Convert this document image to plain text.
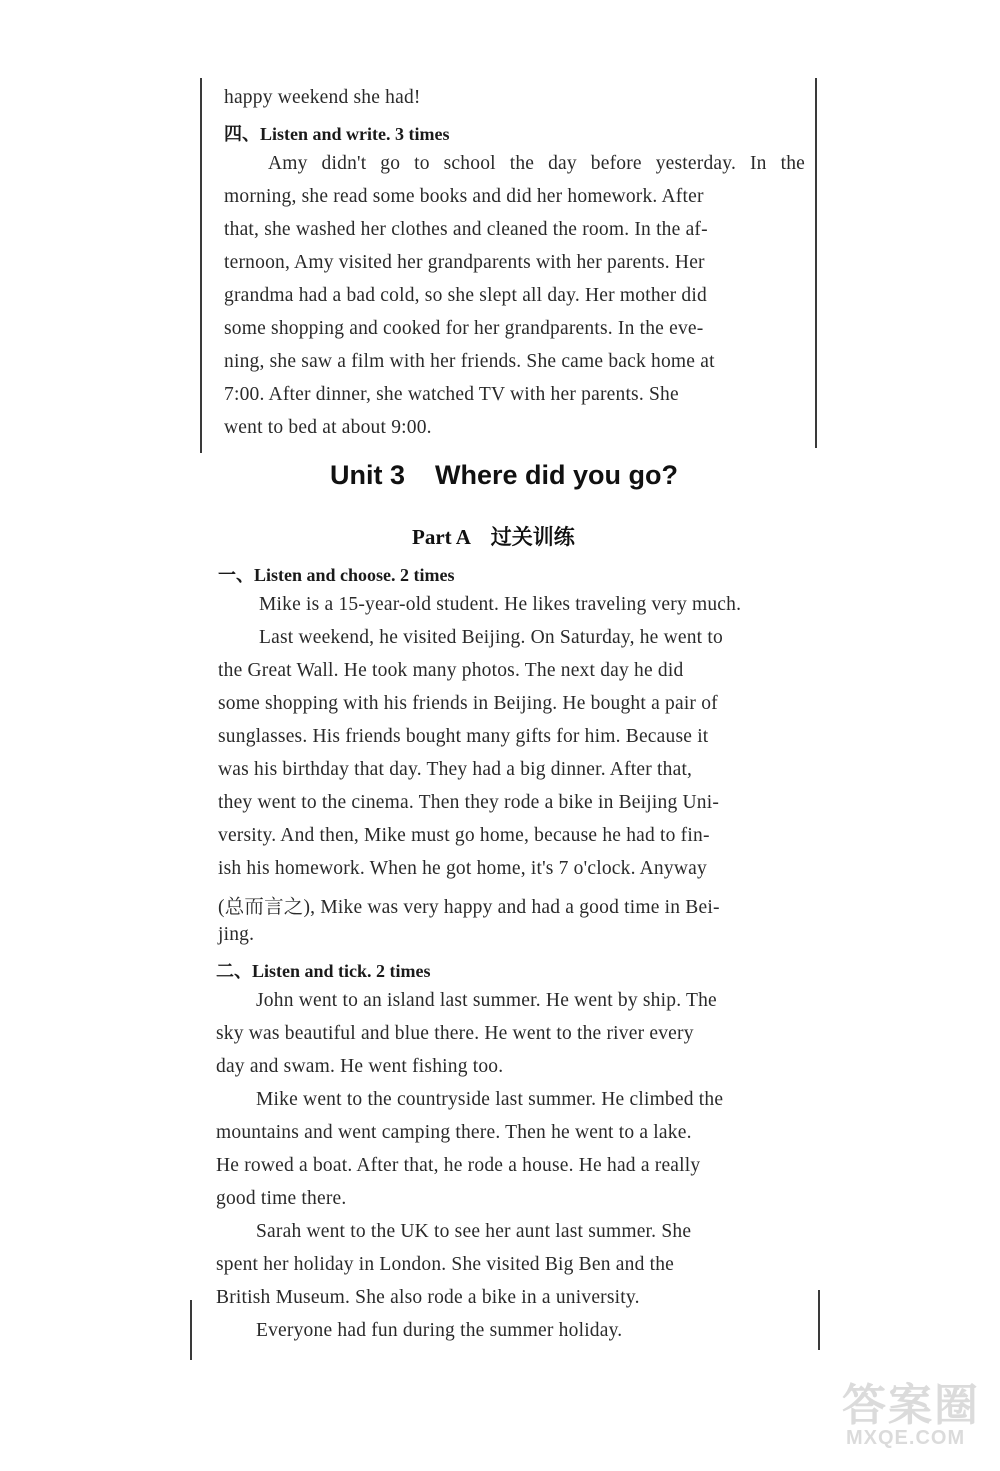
happy weekend she had!
四、Listen and write. 3 times
Amy didn't go to school the day before yesterday. In the
morning, she read some books and did her homework. After
that, she washed her clothes and cleaned the room. In the af-
ternoon, Amy visited her grandparents with her parents. Her
grandma had a bad cold, so she slept all day. Her mother did
some shopping and cooked for her grandparents. In the eve-
ning, she saw a film with her friends. She came back home at
7:00. After dinner, she watched TV with her parents. She
went to bed at about 9:00.
Unit 3    Where did you go?
Part A    过关训练
一、Listen and choose. 2 times
Mike is a 15-year-old student. He likes traveling very much.
Last weekend, he visited Beijing. On Saturday, he went to
the Great Wall. He took many photos. The next day he did
some shopping with his friends in Beijing. He bought a pair of
sunglasses. His friends bought many gifts for him. Because it
was his birthday that day. They had a big dinner. After that,
they went to the cinema. Then they rode a bike in Beijing Uni-
versity. And then, Mike must go home, because he had to fin-
ish his homework. When he got home, it's 7 o'clock. Anyway
(总而言之), Mike was very happy and had a good time in Bei-
jing.
二、Listen and tick. 2 times
John went to an island last summer. He went by ship. The
sky was beautiful and blue there. He went to the river every
day and swam. He went fishing too.
Mike went to the countryside last summer. He climbed the
mountains and went camping there. Then he went to a lake.
He rowed a boat. After that, he rode a house. He had a really
good time there.
Sarah went to the UK to see her aunt last summer. She
spent her holiday in London. She visited Big Ben and the
British Museum. She also rode a bike in a university.
Everyone had fun during the summer holiday.
答案圈
MXQE.COM
